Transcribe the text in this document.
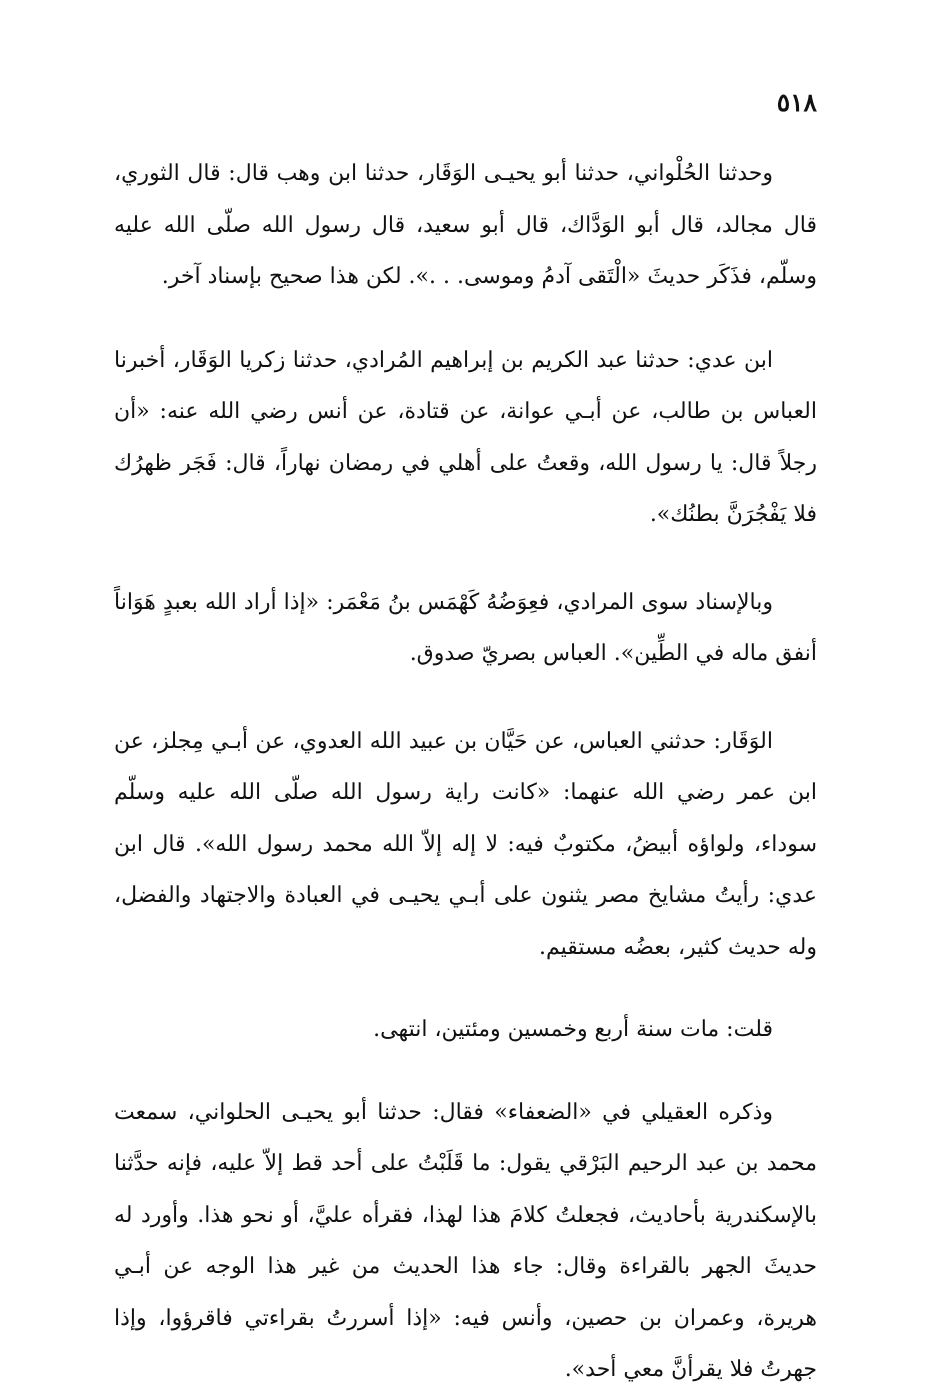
٥١٨

وحدثنا الحُلْواني، حدثنا أبو يحيـى الوَقَار، حدثنا ابن وهب قال: قال الثوري، قال مجالد، قال أبو الوَدَّاك، قال أبو سعيد، قال رسول الله صلّى الله عليه وسلّم، فذَكَر حديثَ «الْتَقى آدمُ وموسى. . .». لكن هذا صحيح بإسناد آخر.

ابن عدي: حدثنا عبد الكريم بن إبراهيم المُرادي، حدثنا زكريا الوَقَار، أخبرنا العباس بن طالب، عن أبـي عوانة، عن قتادة، عن أنس رضي الله عنه: «أن رجلاً قال: يا رسول الله، وقعتُ على أهلي في رمضان نهاراً، قال: فَجَر ظهرُك فلا يَفْجُرَنَّ بطنُك».

وبالإسناد سوى المرادي، فعِوَضُهُ كَهْمَس بنُ مَعْمَر: «إذا أراد الله بعبدٍ هَوَاناً أنفق ماله في الطِّين». العباس بصريّ صدوق.

الوَقَار: حدثني العباس، عن حَيَّان بن عبيد الله العدوي، عن أبـي مِجلز، عن ابن عمر رضي الله عنهما: «كانت راية رسول الله صلّى الله عليه وسلّم سوداء، ولواؤه أبيضُ، مكتوبٌ فيه: لا إله إلاّ الله محمد رسول الله». قال ابن عدي: رأيتُ مشايخ مصر يثنون على أبـي يحيـى في العبادة والاجتهاد والفضل، وله حديث كثير، بعضُه مستقيم.

قلت: مات سنة أربع وخمسين ومئتين، انتهى.

وذكره العقيلي في «الضعفاء» فقال: حدثنا أبو يحيـى الحلواني، سمعت محمد بن عبد الرحيم البَرْقي يقول: ما قَلَبْتُ على أحد قط إلاّ عليه، فإنه حدَّثنا بالإسكندرية بأحاديث، فجعلتُ كلامَ هذا لهذا، فقرأه عليَّ، أو نحو هذا. وأورد له حديثَ الجهر بالقراءة وقال: جاء هذا الحديث من غير هذا الوجه عن أبـي هريرة، وعمران بن حصين، وأنس فيه: «إذا أسررتُ بقراءتي فاقرؤوا، وإذا جهرتُ فلا يقرأنَّ معي أحد».
